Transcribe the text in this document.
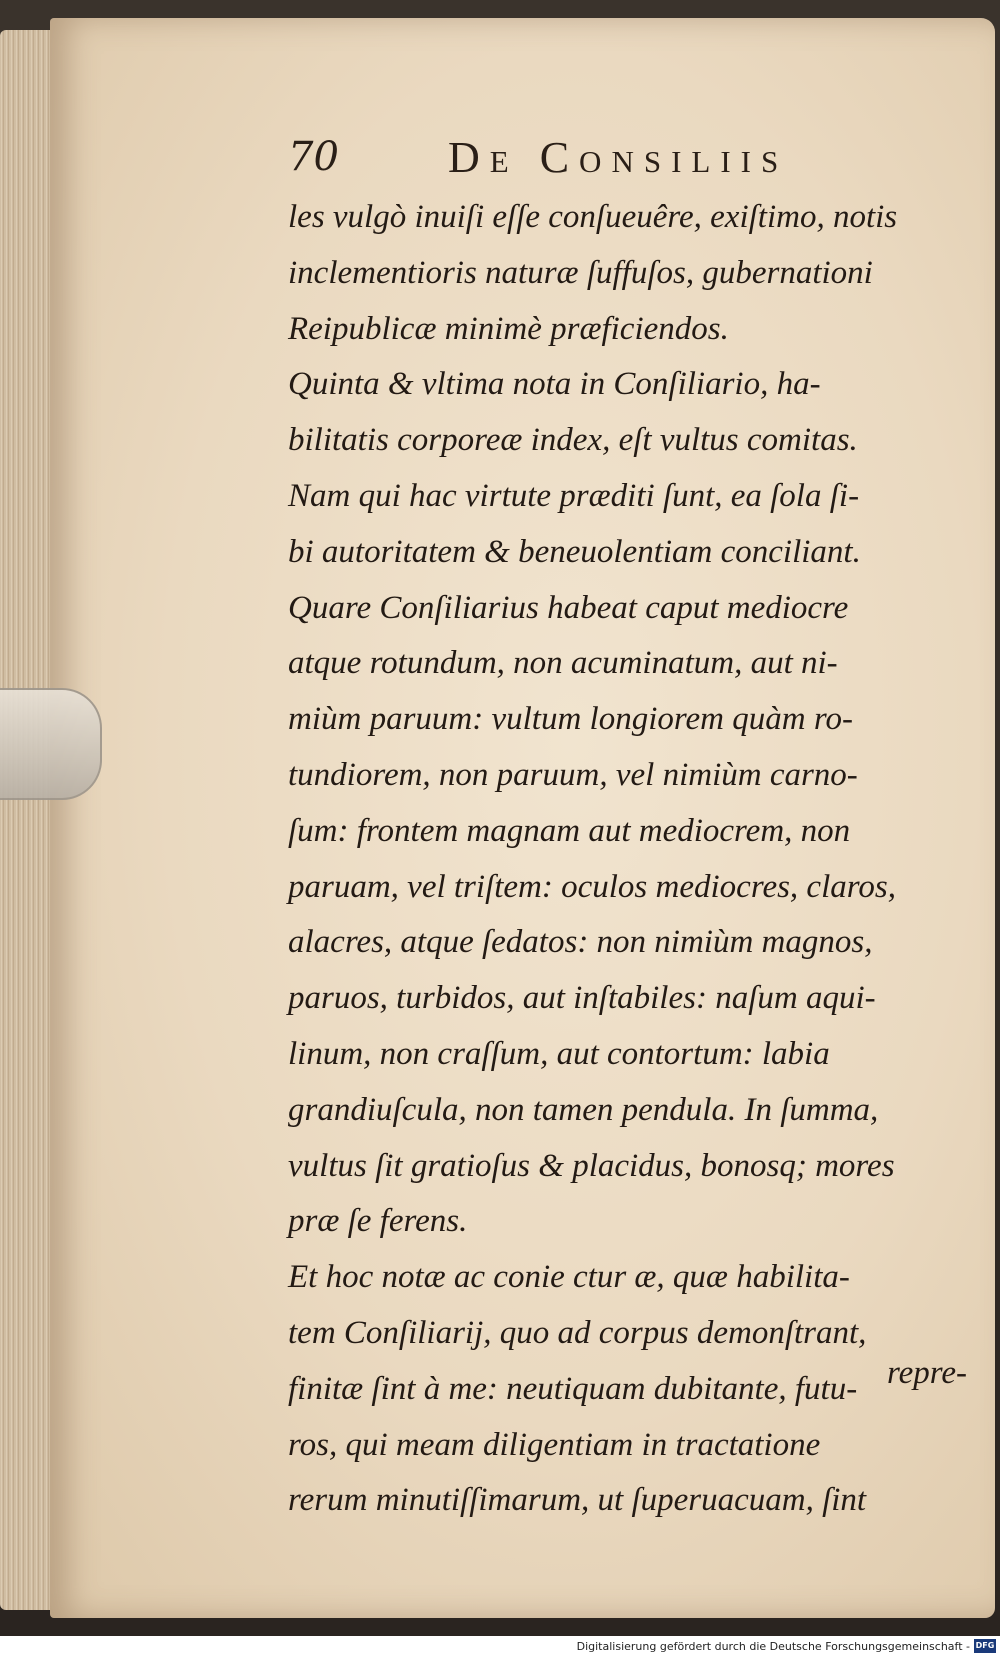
70 De Consiliis
les vulgò inuiſi eſſe conſueuêre, exiſtimo, notis
inclementioris naturæ ſuffuſos, gubernationi
Reipublicæ minimè præficiendos.
Quinta & vltima nota in Conſiliario, ha-
bilitatis corporeæ index, eſt vultus comitas.
Nam qui hac virtute præditi ſunt, ea ſola ſi-
bi autoritatem & beneuolentiam conciliant.
Quare Conſiliarius habeat caput mediocre
atque rotundum, non acuminatum, aut ni-
miùm paruum: vultum longiorem quàm ro-
tundiorem, non paruum, vel nimiùm carno-
ſum: frontem magnam aut mediocrem, non
paruam, vel triſtem: oculos mediocres, claros,
alacres, atque ſedatos: non nimiùm magnos,
paruos, turbidos, aut inſtabiles: naſum aqui-
linum, non craſſum, aut contortum: labia
grandiuſcula, non tamen pendula. In ſumma,
vultus ſit gratioſus & placidus, bonosq; mores
præ ſe ferens.
Et hoc notæ ac conie ctur æ, quæ habilita-
tem Conſiliarij, quo ad corpus demonſtrant,
finitæ ſint à me: neutiquam dubitante, futu-
ros, qui meam diligentiam in tractatione
rerum minutiſſimarum, ut ſuperuacuam, ſint
repre-
Digitalisierung gefördert durch die Deutsche Forschungsgemeinschaft - DFG
